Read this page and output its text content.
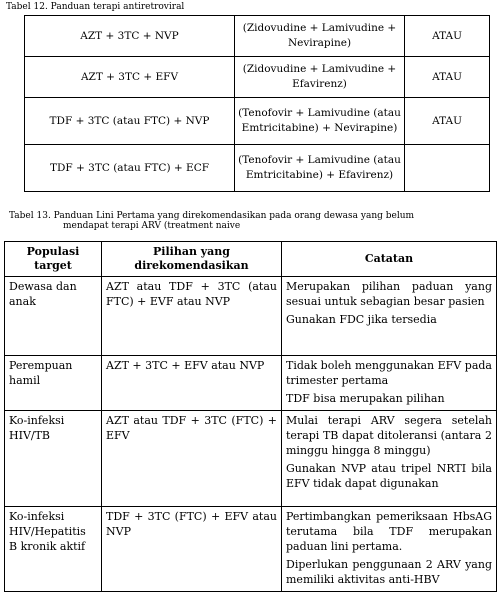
Tabel 12. Panduan terapi antiretroviral
AZT + 3TC + NVP	(Zidovudine + Lamivudine + Nevirapine)	ATAU
AZT + 3TC + EFV	(Zidovudine + Lamivudine + Efavirenz)	ATAU
TDF + 3TC (atau FTC) + NVP	(Tenofovir + Lamivudine (atau Emtricitabine) + Nevirapine)	ATAU
TDF + 3TC (atau FTC) + ECF	(Tenofovir + Lamivudine (atau Emtricitabine) + Efavirenz)	
Tabel 13. Panduan Lini Pertama yang direkomendasikan pada orang dewasa yang belum
mendapat terapi ARV (treatment naive
Populasi target	Pilihan yang direkomendasikan	Catatan
Dewasa dan anak	AZT atau TDF + 3TC (atau FTC) + EVF atau NVP	Merupakan pilihan paduan yang sesuai untuk sebagian besar pasien

Gunakan FDC jika tersedia

Perempuan hamil	AZT + 3TC + EFV atau NVP	Tidak boleh menggunakan EFV pada trimester pertama

TDF bisa merupakan pilihan

Ko-infeksi HIV/TB	AZT atau TDF + 3TC (FTC) + EFV	Mulai terapi ARV segera setelah terapi TB dapat ditoleransi (antara 2 minggu hingga 8 minggu)

Gunakan NVP atau tripel NRTI bila EFV tidak dapat digunakan

Ko-infeksi HIV/Hepatitis B kronik aktif	TDF + 3TC (FTC) + EFV atau NVP	Pertimbangkan pemeriksaan HbsAG terutama bila TDF merupakan paduan lini pertama.

Diperlukan penggunaan 2 ARV yang memiliki aktivitas anti-HBV
